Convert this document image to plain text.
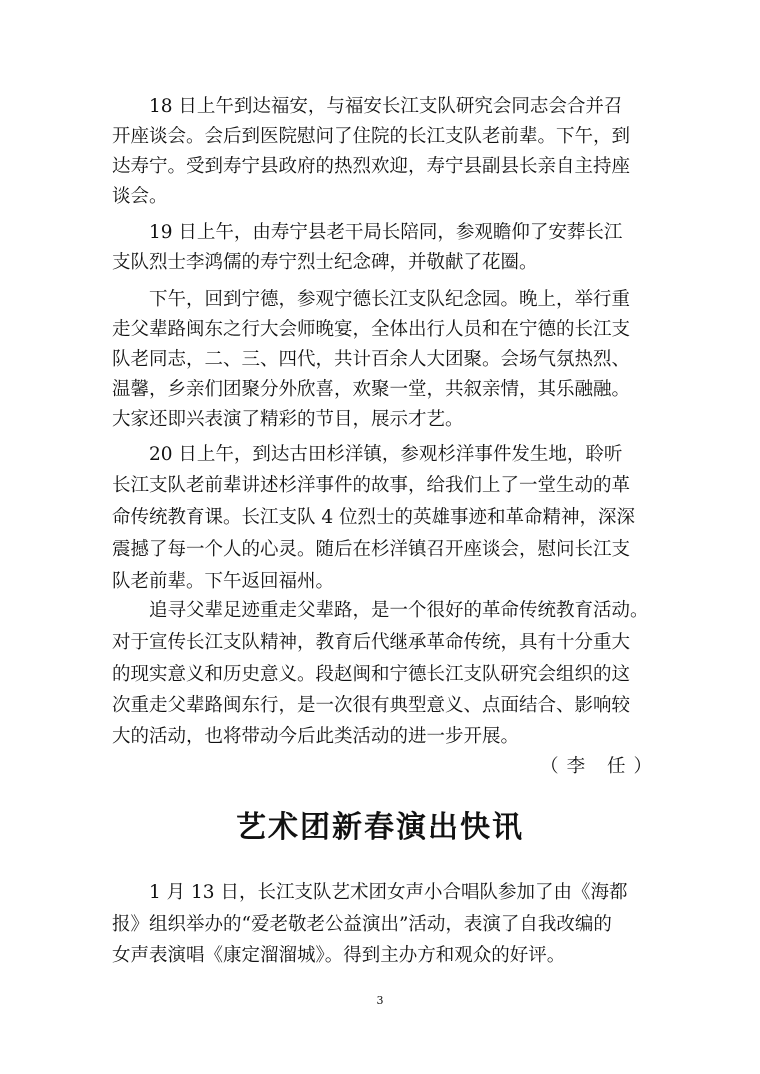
　　18 日上午到达福安，与福安长江支队研究会同志会合并召
开座谈会。会后到医院慰问了住院的长江支队老前辈。下午，到
达寿宁。受到寿宁县政府的热烈欢迎，寿宁县副县长亲自主持座
谈会。
　　19 日上午，由寿宁县老干局长陪同，参观瞻仰了安葬长江
支队烈士李鸿儒的寿宁烈士纪念碑，并敬献了花圈。
　　下午，回到宁德，参观宁德长江支队纪念园。晚上，举行重
走父辈路闽东之行大会师晚宴，全体出行人员和在宁德的长江支
队老同志，二、三、四代，共计百余人大团聚。会场气氛热烈、
温馨，乡亲们团聚分外欣喜，欢聚一堂，共叙亲情，其乐融融。
大家还即兴表演了精彩的节目，展示才艺。
　　20 日上午，到达古田杉洋镇，参观杉洋事件发生地，聆听
长江支队老前辈讲述杉洋事件的故事，给我们上了一堂生动的革
命传统教育课。长江支队 4 位烈士的英雄事迹和革命精神，深深
震撼了每一个人的心灵。随后在杉洋镇召开座谈会，慰问长江支
队老前辈。下午返回福州。
　　追寻父辈足迹重走父辈路，是一个很好的革命传统教育活动。
对于宣传长江支队精神，教育后代继承革命传统，具有十分重大
的现实意义和历史意义。段赵闽和宁德长江支队研究会组织的这
次重走父辈路闽东行，是一次很有典型意义、点面结合、影响较
大的活动，也将带动今后此类活动的进一步开展。
（李 任）
艺术团新春演出快讯
　　1 月 13 日，长江支队艺术团女声小合唱队参加了由《海都
报》组织举办的“爱老敬老公益演出”活动，表演了自我改编的
女声表演唱《康定溜溜城》。得到主办方和观众的好评。
3
